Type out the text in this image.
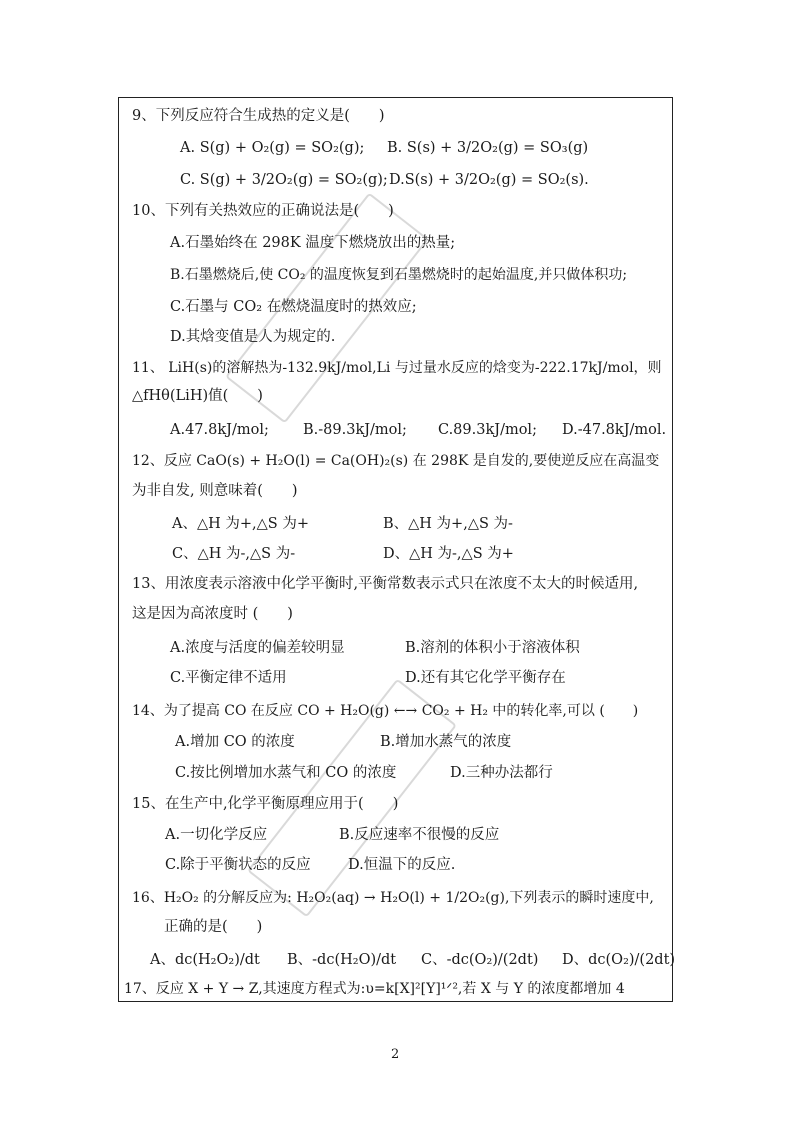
9、下列反应符合生成热的定义是(　　)
A. S(g) + O₂(g) = SO₂(g); B. S(s) + 3/2O₂(g) = SO₃(g)
C. S(g) + 3/2O₂(g) = SO₂(g); D.S(s) + 3/2O₂(g) = SO₂(s).
10、下列有关热效应的正确说法是(　　)
A.石墨始终在 298K 温度下燃烧放出的热量;
B.石墨燃烧后,使 CO₂ 的温度恢复到石墨燃烧时的起始温度,并只做体积功;
C.石墨与 CO₂ 在燃烧温度时的热效应;
D.其焓变值是人为规定的.
11、 LiH(s)的溶解热为-132.9kJ/mol,Li 与过量水反应的焓变为-222.17kJ/mol，则
△fHθ(LiH)值(　　)
A.47.8kJ/mol; B.-89.3kJ/mol; C.89.3kJ/mol; D.-47.8kJ/mol.
12、反应 CaO(s) + H₂O(l) = Ca(OH)₂(s) 在 298K 是自发的,要使逆反应在高温变
为非自发, 则意味着(　　)
A、△H 为+,△S 为+	B、△H 为+,△S 为-
C、△H 为-,△S 为-	D、△H 为-,△S 为+
13、用浓度表示溶液中化学平衡时,平衡常数表示式只在浓度不太大的时候适用,
这是因为高浓度时 (　　)
A.浓度与活度的偏差较明显	B.溶剂的体积小于溶液体积
C.平衡定律不适用	D.还有其它化学平衡存在
14、为了提高 CO 在反应 CO + H₂O(g) ←→ CO₂ + H₂ 中的转化率,可以 (　　)
A.增加 CO 的浓度	B.增加水蒸气的浓度
C.按比例增加水蒸气和 CO 的浓度	D.三种办法都行
15、在生产中,化学平衡原理应用于(　　)
A.一切化学反应	B.反应速率不很慢的反应
C.除于平衡状态的反应	D.恒温下的反应.
16、H₂O₂ 的分解反应为: H₂O₂(aq) → H₂O(l) + 1/2O₂(g),下列表示的瞬时速度中,
正确的是(　　)
A、dc(H₂O₂)/dt B、-dc(H₂O)/dt C、-dc(O₂)/(2dt) D、dc(O₂)/(2dt)
17、反应 X + Y → Z,其速度方程式为:υ=k[X]²[Y]¹ᐟ²,若 X 与 Y 的浓度都增加 4
2
